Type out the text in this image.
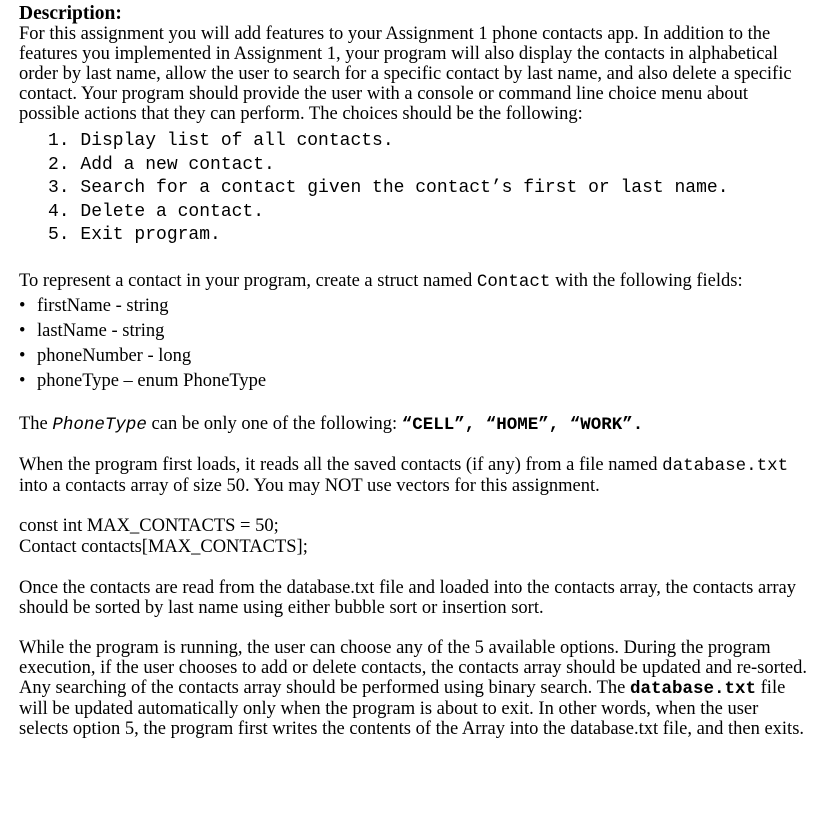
Description:

For this assignment you will add features to your Assignment 1 phone contacts app. In addition to the features you implemented in Assignment 1, your program will also display the contacts in alphabetical order by last name, allow the user to search for a specific contact by last name, and also delete a specific contact. Your program should provide the user with a console or command line choice menu about possible actions that they can perform. The choices should be the following:

1. Display list of all contacts.
2. Add a new contact.
3. Search for a contact given the contact’s first or last name.
4. Delete a contact.
5. Exit program.

To represent a contact in your program, create a struct named Contact with the following fields:

• firstName - string
• lastName - string
• phoneNumber - long
• phoneType – enum PhoneType

The PhoneType can be only one of the following: “CELL”, “HOME”, “WORK”.

When the program first loads, it reads all the saved contacts (if any) from a file named database.txt into a contacts array of size 50. You may NOT use vectors for this assignment.

const int MAX_CONTACTS = 50;

Contact contacts[MAX_CONTACTS];

Once the contacts are read from the database.txt file and loaded into the contacts array, the contacts array should be sorted by last name using either bubble sort or insertion sort.

While the program is running, the user can choose any of the 5 available options. During the program execution, if the user chooses to add or delete contacts, the contacts array should be updated and re-sorted. Any searching of the contacts array should be performed using binary search. The database.txt file will be updated automatically only when the program is about to exit. In other words, when the user selects option 5, the program first writes the contents of the Array into the database.txt file, and then exits.
